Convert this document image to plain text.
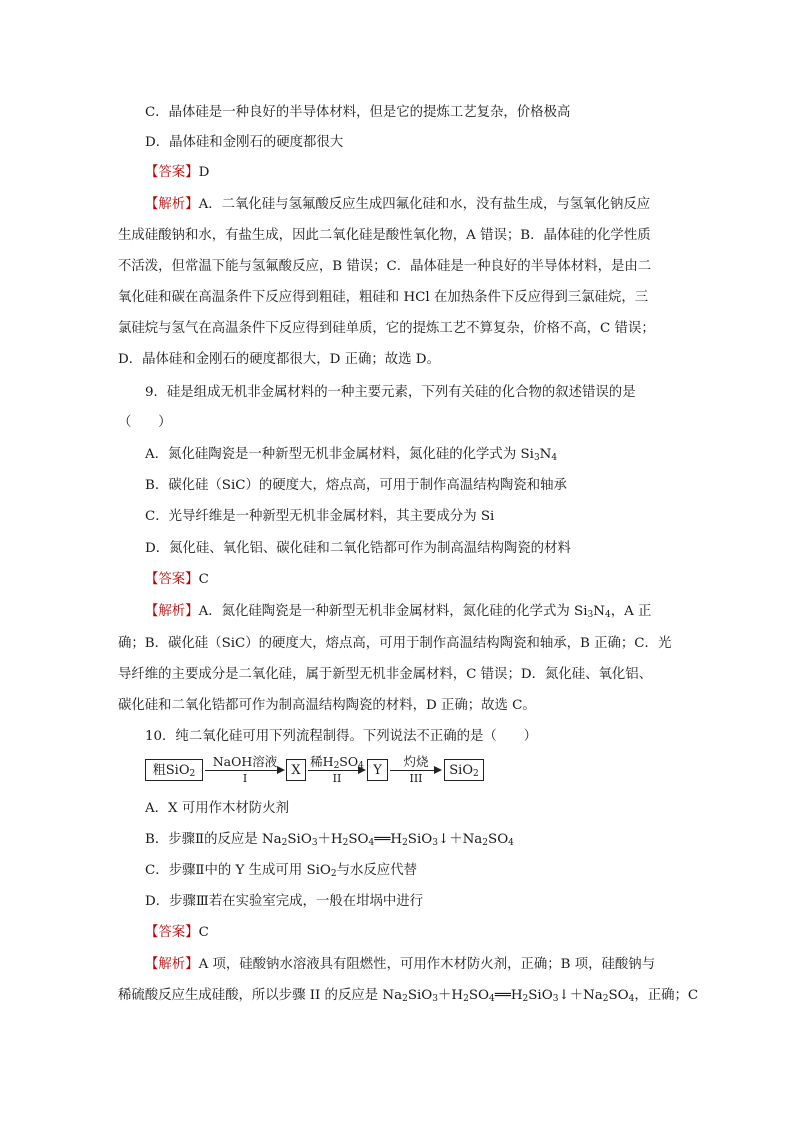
C．晶体硅是一种良好的半导体材料，但是它的提炼工艺复杂，价格极高
D．晶体硅和金刚石的硬度都很大
【答案】D
【解析】A．二氧化硅与氢氟酸反应生成四氟化硅和水，没有盐生成，与氢氧化钠反应
生成硅酸钠和水，有盐生成，因此二氧化硅是酸性氧化物，A 错误；B．晶体硅的化学性质
不活泼，但常温下能与氢氟酸反应，B 错误；C．晶体硅是一种良好的半导体材料，是由二
氧化硅和碳在高温条件下反应得到粗硅，粗硅和 HCl 在加热条件下反应得到三氯硅烷，三
氯硅烷与氢气在高温条件下反应得到硅单质，它的提炼工艺不算复杂，价格不高，C 错误；
D．晶体硅和金刚石的硬度都很大，D 正确；故选 D。
9．硅是组成无机非金属材料的一种主要元素，下列有关硅的化合物的叙述错误的是
（　　）
A．氮化硅陶瓷是一种新型无机非金属材料，氮化硅的化学式为 $Si_3N_4$
B．碳化硅（SiC）的硬度大，熔点高，可用于制作高温结构陶瓷和轴承
C．光导纤维是一种新型无机非金属材料，其主要成分为 Si
D．氮化硅、氧化铝、碳化硅和二氧化锆都可作为制高温结构陶瓷的材料
【答案】C
【解析】A．氮化硅陶瓷是一种新型无机非金属材料，氮化硅的化学式为 $Si_3N_4$，A 正
确；B．碳化硅（SiC）的硬度大，熔点高，可用于制作高温结构陶瓷和轴承，B 正确；C．光
导纤维的主要成分是二氧化硅，属于新型无机非金属材料，C 错误；D．氮化硅、氧化铝、
碳化硅和二氧化锆都可作为制高温结构陶瓷的材料，D 正确；故选 C。
10．纯二氧化硅可用下列流程制得。下列说法不正确的是（　　）
粗SiO$_2$
NaOH溶液
I
X
稀$H_2SO_4$
II
Y
灼烧
III
SiO$_2$
A．X 可用作木材防火剂
B．步骤Ⅱ的反应是 $Na_2SiO_3+H_2SO_4══H_2SiO_3↓+Na_2SO_4$
C．步骤Ⅱ中的 Y 生成可用 SiO$_2$与水反应代替
D．步骤Ⅲ若在实验室完成，一般在坩埚中进行
【答案】C
【解析】A 项，硅酸钠水溶液具有阻燃性，可用作木材防火剂，正确；B 项，硅酸钠与
稀硫酸反应生成硅酸，所以步骤 II 的反应是 $Na_2SiO_3+H_2SO_4══H_2SiO_3↓+Na_2SO_4$，正确；C
